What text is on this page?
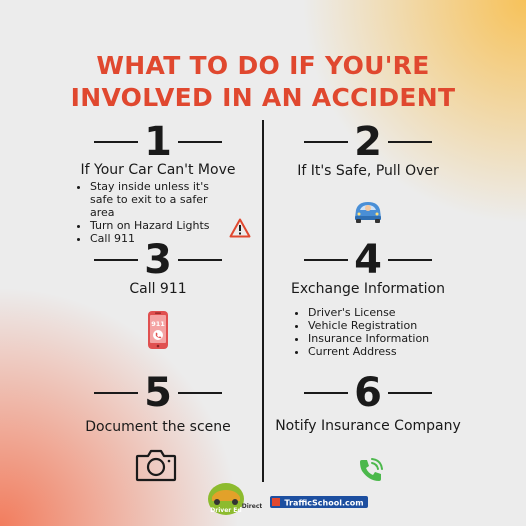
WHAT TO DO IF YOU'RE
INVOLVED IN AN ACCIDENT
1
If Your Car Can't Move
• Stay inside unless it's safe to exit to a safer area
• Turn on Hazard Lights
• Call 911
2
If It's Safe, Pull Over
3
Call 911
911
4
Exchange Information
• Driver's License
• Vehicle Registration
• Insurance Information
• Current Address
5
Document the scene
6
Notify Insurance Company
Driver Ed
Direct	TrafficSchool.com
